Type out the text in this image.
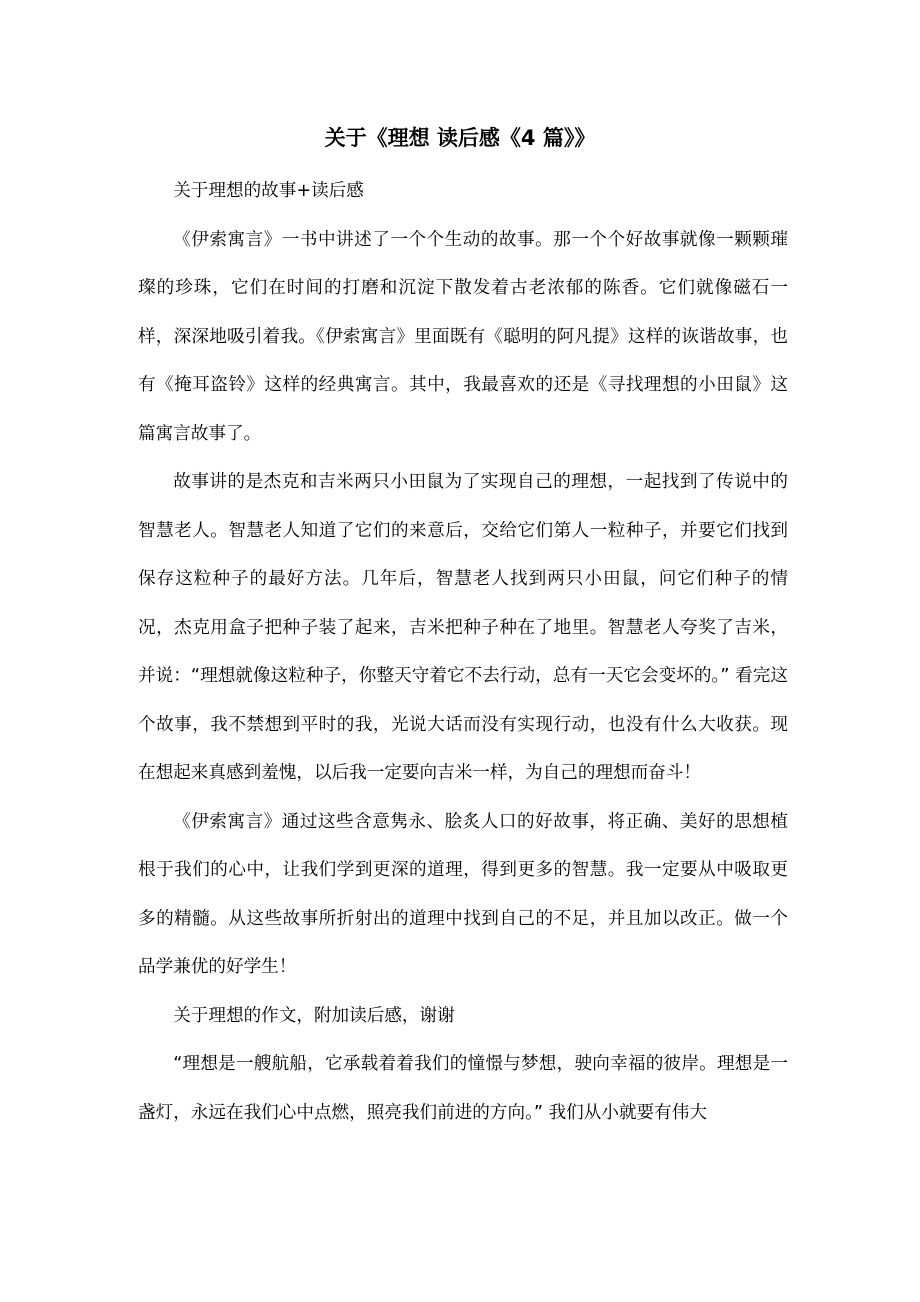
关于《理想 读后感《4 篇》》

关于理想的故事+读后感

《伊索寓言》一书中讲述了一个个生动的故事。那一个个好故事就像一颗颗璀璨的珍珠，它们在时间的打磨和沉淀下散发着古老浓郁的陈香。它们就像磁石一样，深深地吸引着我。《伊索寓言》里面既有《聪明的阿凡提》这样的诙谐故事，也有《掩耳盗铃》这样的经典寓言。其中，我最喜欢的还是《寻找理想的小田鼠》这篇寓言故事了。

故事讲的是杰克和吉米两只小田鼠为了实现自己的理想，一起找到了传说中的智慧老人。智慧老人知道了它们的来意后，交给它们第人一粒种子，并要它们找到保存这粒种子的最好方法。几年后，智慧老人找到两只小田鼠，问它们种子的情况，杰克用盒子把种子装了起来，吉米把种子种在了地里。智慧老人夸奖了吉米，并说：“理想就像这粒种子，你整天守着它不去行动，总有一天它会变坏的。” 看完这个故事，我不禁想到平时的我，光说大话而没有实现行动，也没有什么大收获。现在想起来真感到羞愧，以后我一定要向吉米一样，为自己的理想而奋斗！

《伊索寓言》通过这些含意隽永、脍炙人口的好故事，将正确、美好的思想植根于我们的心中，让我们学到更深的道理，得到更多的智慧。我一定要从中吸取更多的精髓。从这些故事所折射出的道理中找到自己的不足，并且加以改正。做一个品学兼优的好学生！

关于理想的作文，附加读后感，谢谢

“理想是一艘航船，它承载着着我们的憧憬与梦想，驶向幸福的彼岸。理想是一盏灯，永远在我们心中点燃，照亮我们前进的方向。” 我们从小就要有伟大
